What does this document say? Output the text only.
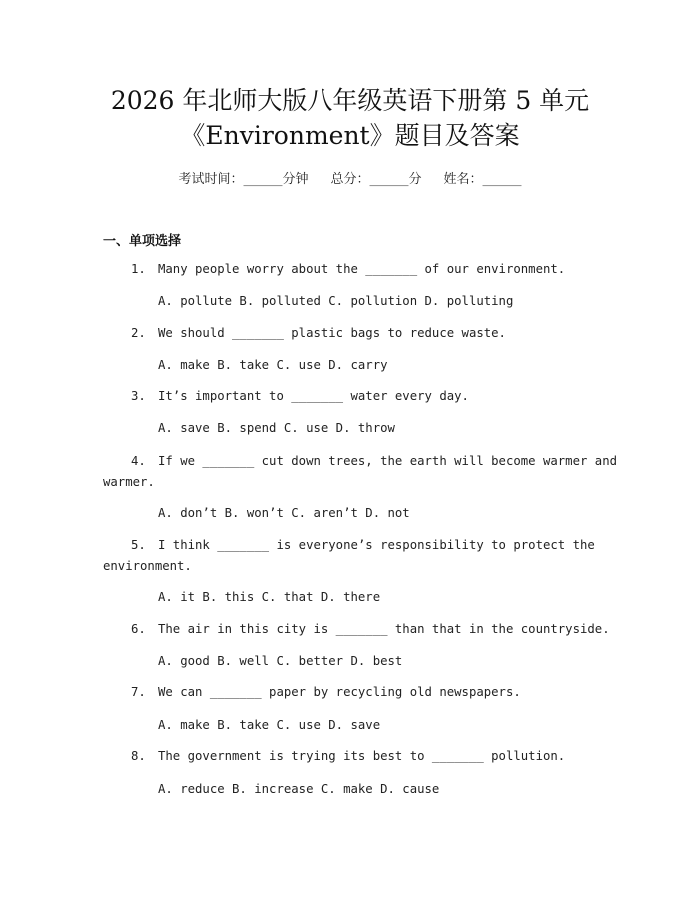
2026 年北师大版八年级英语下册第 5 单元
《Environment》题目及答案
考试时间：______分钟 总分：______分 姓名：______
一、单项选择
1. Many people worry about the _______ of our environment.
A. pollute B. polluted C. pollution D. polluting
2. We should _______ plastic bags to reduce waste.
A. make B. take C. use D. carry
3. It’s important to _______ water every day.
A. save B. spend C. use D. throw
4. If we _______ cut down trees, the earth will become warmer and
warmer.
A. don’t B. won’t C. aren’t D. not
5. I think _______ is everyone’s responsibility to protect the
environment.
A. it B. this C. that D. there
6. The air in this city is _______ than that in the countryside.
A. good B. well C. better D. best
7. We can _______ paper by recycling old newspapers.
A. make B. take C. use D. save
8. The government is trying its best to _______ pollution.
A. reduce B. increase C. make D. cause
